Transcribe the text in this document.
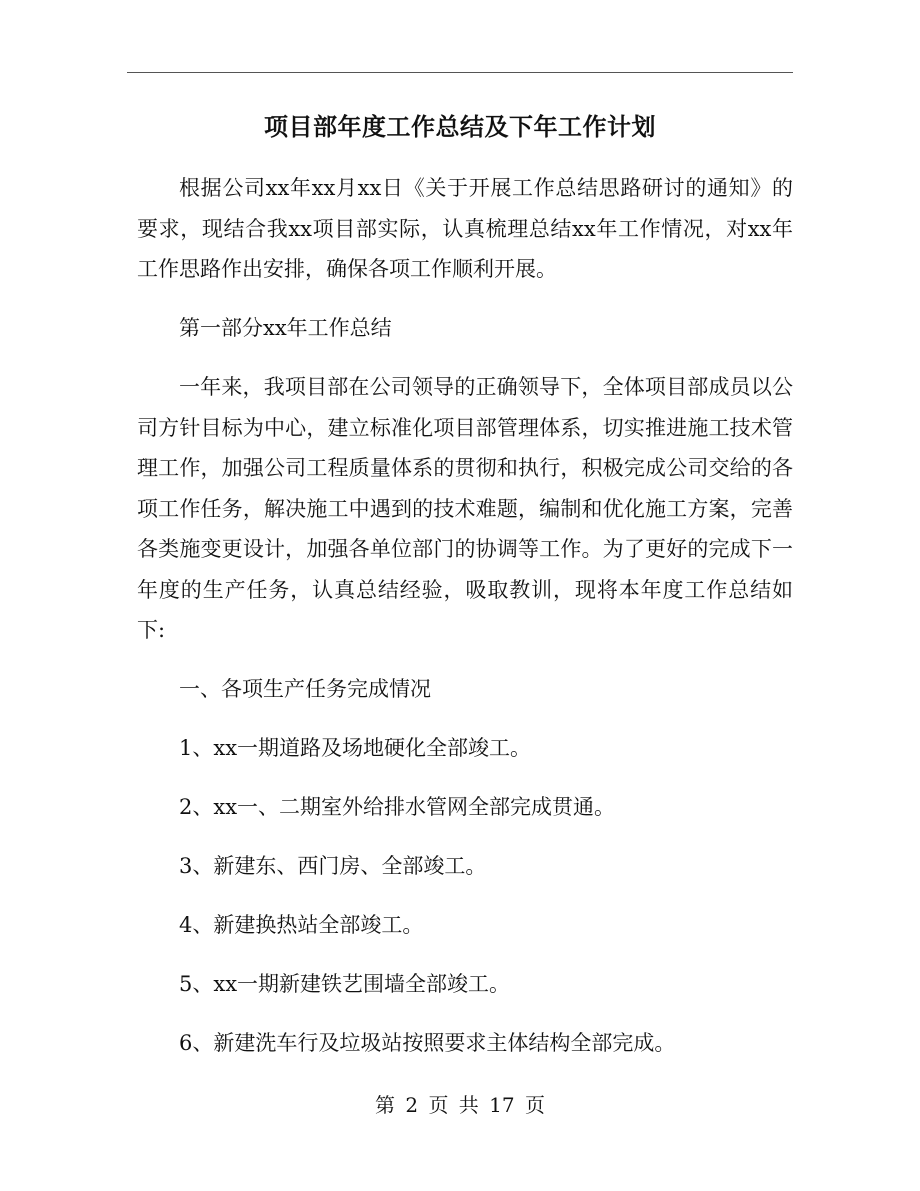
项目部年度工作总结及下年工作计划

根据公司xx年xx月xx日《关于开展工作总结思路研讨的通知》的要求，现结合我xx项目部实际，认真梳理总结xx年工作情况，对xx年工作思路作出安排，确保各项工作顺利开展。

第一部分xx年工作总结

一年来，我项目部在公司领导的正确领导下，全体项目部成员以公司方针目标为中心，建立标准化项目部管理体系，切实推进施工技术管理工作，加强公司工程质量体系的贯彻和执行，积极完成公司交给的各项工作任务，解决施工中遇到的技术难题，编制和优化施工方案，完善各类施变更设计，加强各单位部门的协调等工作。为了更好的完成下一年度的生产任务，认真总结经验，吸取教训，现将本年度工作总结如下:

一、各项生产任务完成情况

1、xx一期道路及场地硬化全部竣工。

2、xx一、二期室外给排水管网全部完成贯通。

3、新建东、西门房、全部竣工。

4、新建换热站全部竣工。

5、xx一期新建铁艺围墙全部竣工。

6、新建洗车行及垃圾站按照要求主体结构全部完成。

第 2 页 共 17 页
